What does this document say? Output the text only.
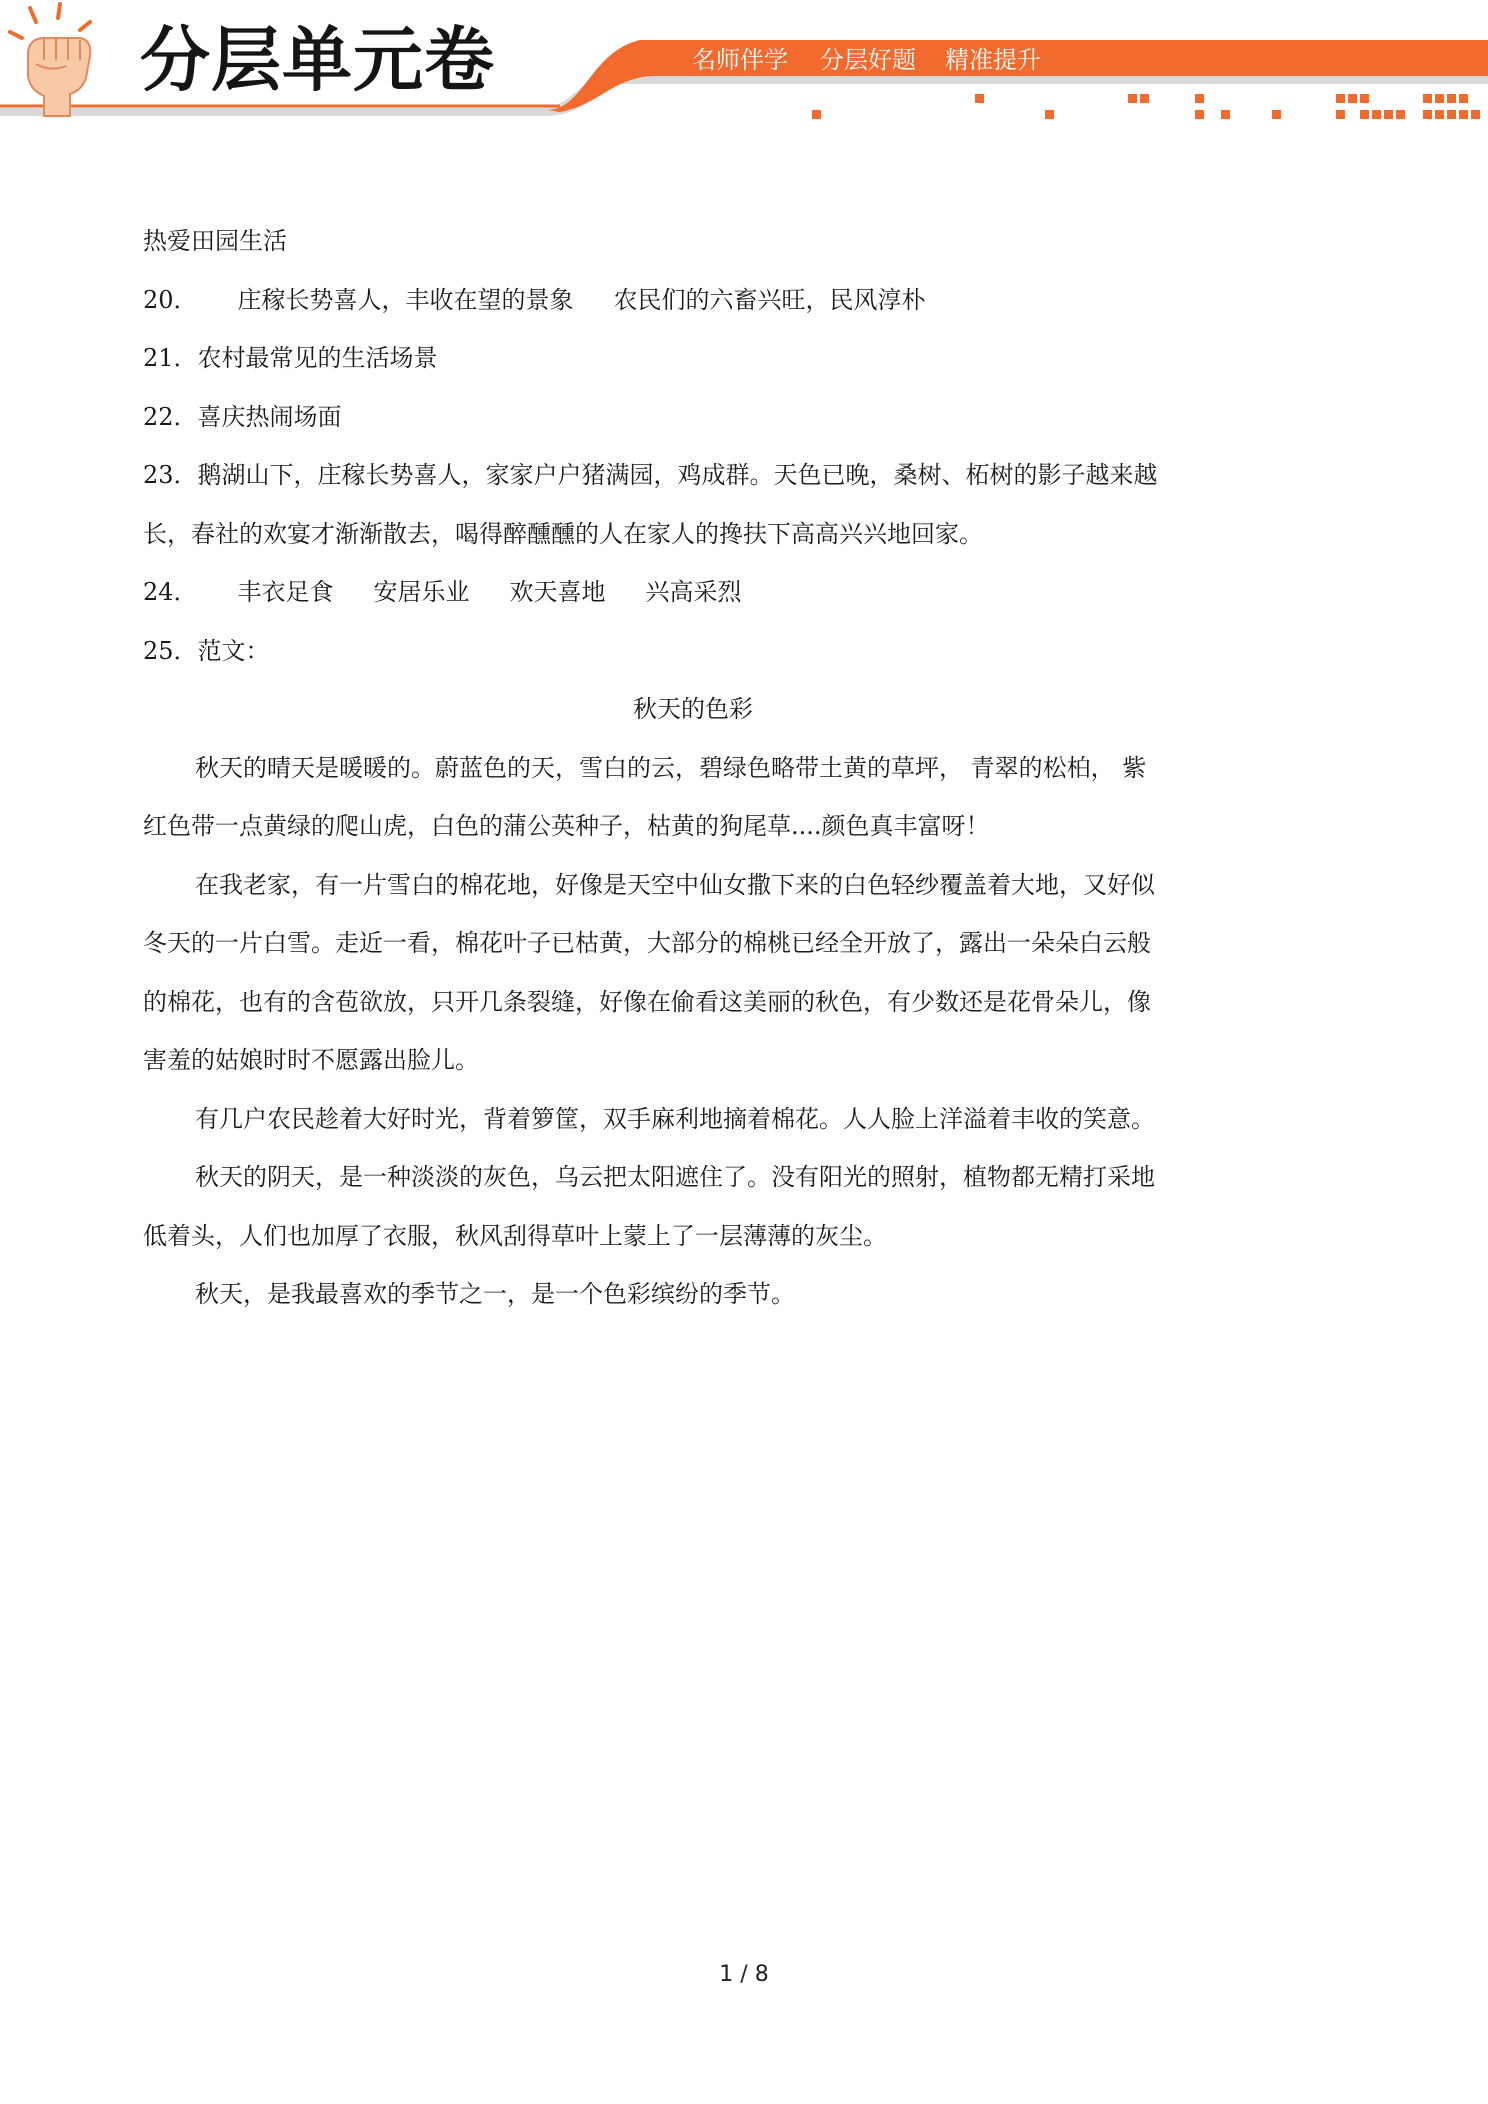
分层单元卷	名师伴学 分层好题 精准提升

热爱田园生活

20． 庄稼长势喜人，丰收在望的景象 农民们的六畜兴旺，民风淳朴

21．农村最常见的生活场景

22．喜庆热闹场面

23．鹅湖山下，庄稼长势喜人，家家户户猪满园，鸡成群。天色已晚，桑树、柘树的影子越来越

长，春社的欢宴才渐渐散去，喝得醉醺醺的人在家人的搀扶下高高兴兴地回家。

24． 丰衣足食 安居乐业 欢天喜地 兴高采烈

25．范文：

秋天的色彩

秋天的晴天是暖暖的。蔚蓝色的天，雪白的云，碧绿色略带土黄的草坪， 青翠的松柏， 紫

红色带一点黄绿的爬山虎，白色的蒲公英种子，枯黄的狗尾草....颜色真丰富呀！

在我老家，有一片雪白的棉花地，好像是天空中仙女撒下来的白色轻纱覆盖着大地，又好似

冬天的一片白雪。走近一看，棉花叶子已枯黄，大部分的棉桃已经全开放了，露出一朵朵白云般

的棉花，也有的含苞欲放，只开几条裂缝，好像在偷看这美丽的秋色，有少数还是花骨朵儿，像

害羞的姑娘时时不愿露出脸儿。

有几户农民趁着大好时光，背着箩筐，双手麻利地摘着棉花。人人脸上洋溢着丰收的笑意。

秋天的阴天，是一种淡淡的灰色，乌云把太阳遮住了。没有阳光的照射，植物都无精打采地

低着头，人们也加厚了衣服，秋风刮得草叶上蒙上了一层薄薄的灰尘。

秋天，是我最喜欢的季节之一，是一个色彩缤纷的季节。

1 / 8
